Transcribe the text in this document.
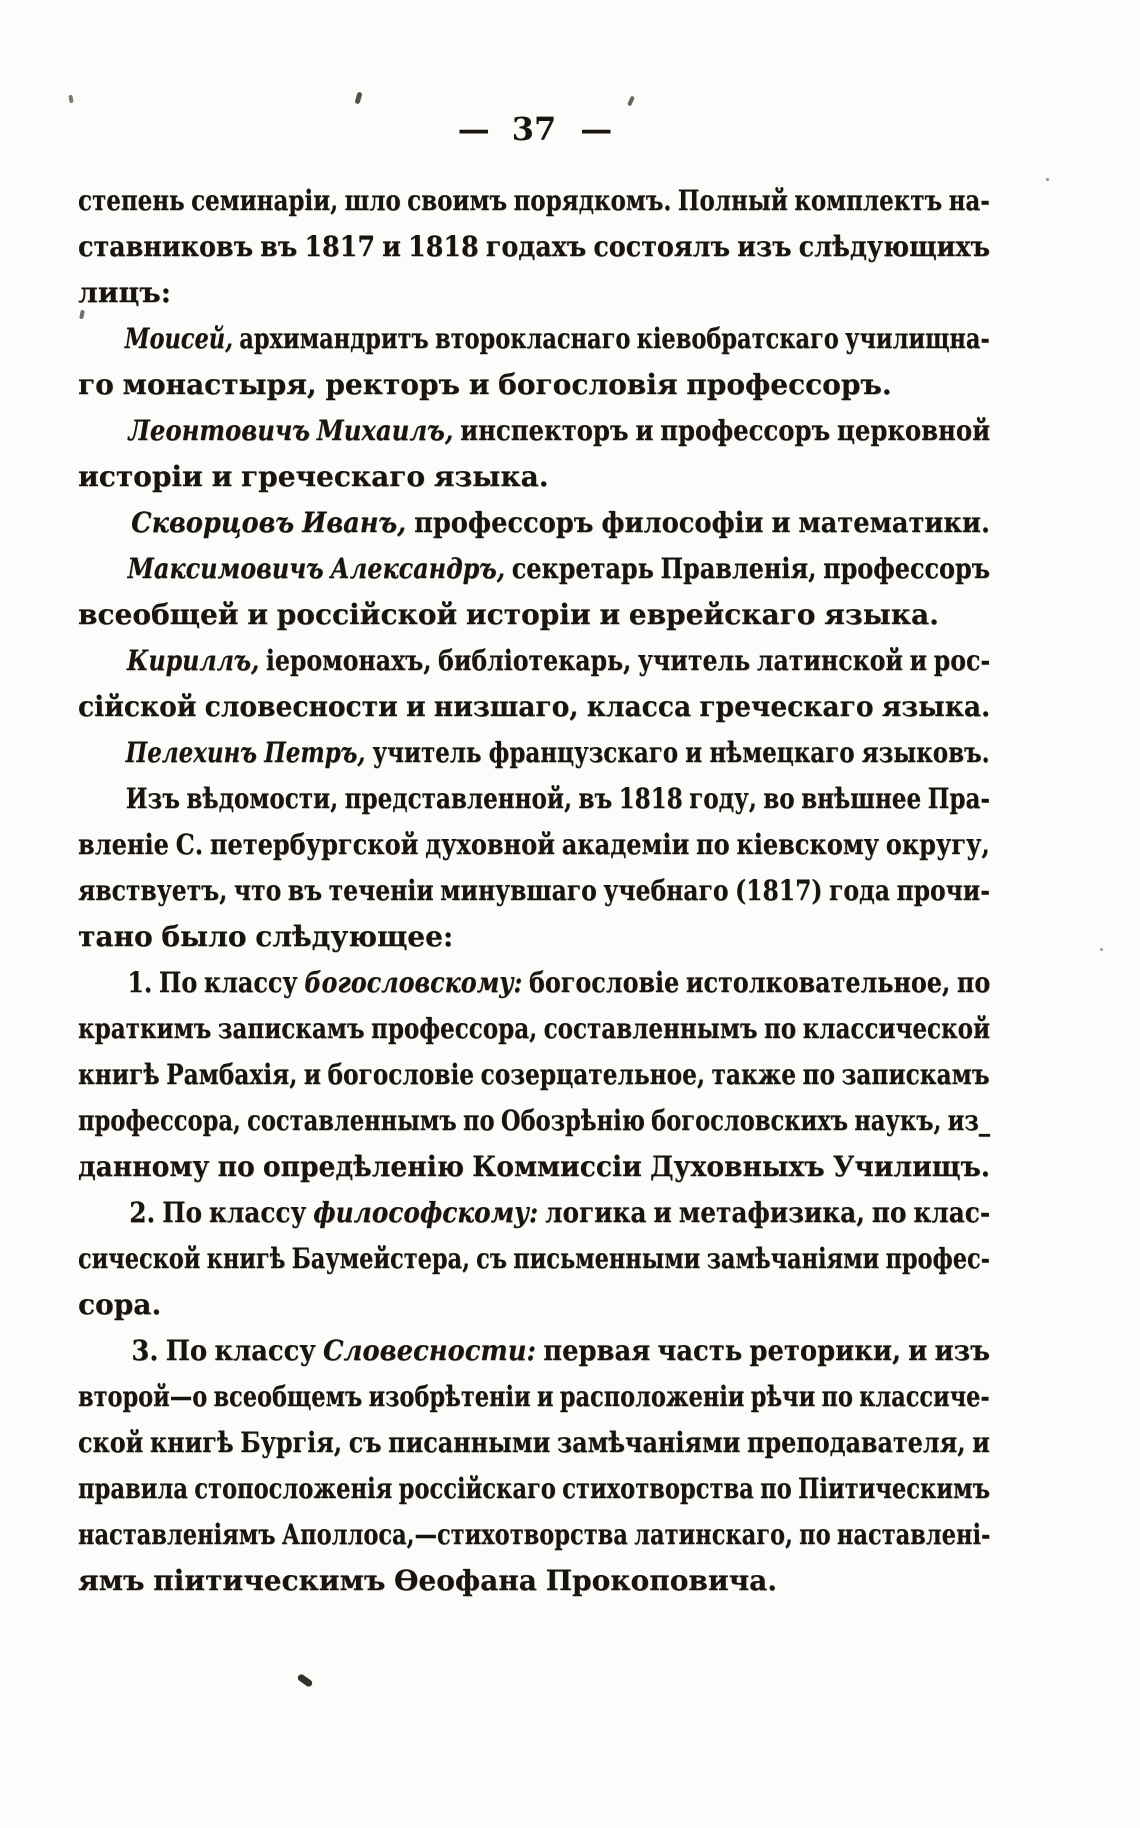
— 37 —
степень семинаріи, шло своимъ порядкомъ. Полный комплектъ на-
ставниковъ въ 1817 и 1818 годахъ состоялъ изъ слѣдующихъ
лицъ:
Моисей, архимандритъ второкласнаго кіевобратскаго училищна-
го монастыря, ректоръ и богословія профессоръ.
Леонтовичъ Михаилъ, инспекторъ и профессоръ церковной
исторіи и греческаго языка.
Скворцовъ Иванъ, профессоръ философіи и математики.
Максимовичъ Александръ, секретарь Правленія, профессоръ
всеобщей и россійской исторіи и еврейскаго языка.
Кириллъ, іеромонахъ, библіотекарь, учитель латинской и рос-
сійской словесности и низшаго, класса греческаго языка.
Пелехинъ Петръ, учитель французскаго и нѣмецкаго языковъ.
Изъ вѣдомости, представленной, въ 1818 году, во внѣшнее Пра-
вленіе С. петербургской духовной академіи по кіевскому округу,
явствуетъ, что въ теченіи минувшаго учебнаго (1817) года прочи-
тано было слѣдующее:
1. По классу богословскому: богословіе истолковательное, по
краткимъ запискамъ профессора, составленнымъ по классической
книгѣ Рамбахія, и богословіе созерцательное, также по запискамъ
профессора, составленнымъ по Обозрѣнію богословскихъ наукъ, из_
данному по опредѣленію Коммиссіи Духовныхъ Училищъ.
2. По классу философскому: логика и метафизика, по клас-
сической книгѣ Баумейстера, съ письменными замѣчаніями профес-
сора.
3. По классу Словесности: первая часть реторики, и изъ
второй—о всеобщемъ изобрѣтеніи и расположеніи рѣчи по классиче-
ской книгѣ Бургія, съ писанными замѣчаніями преподавателя, и
правила стопосложенія россійскаго стихотворства по Піитическимъ
наставленіямъ Аполлоса,—стихотворства латинскаго, по наставлені-
ямъ піитическимъ Ѳеофана Прокоповича.
